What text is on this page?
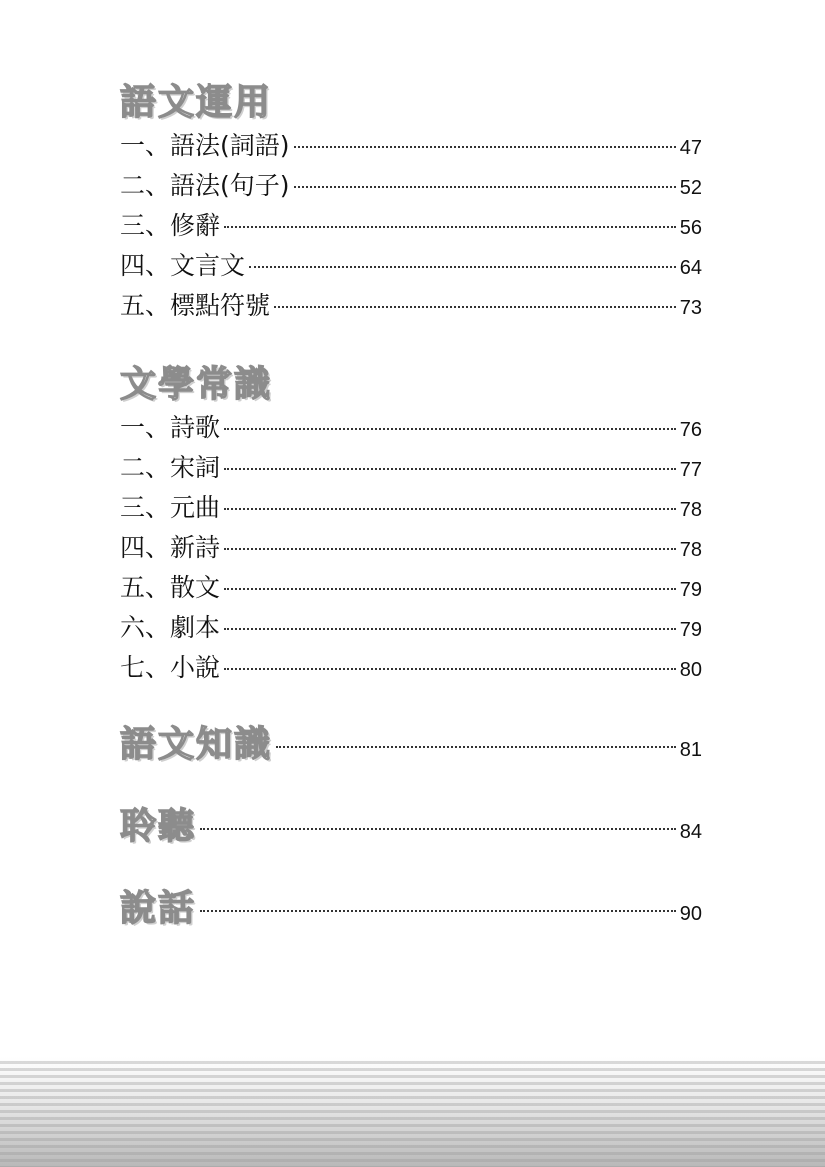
語文運用
一、語法(詞語)	47
二、語法(句子)	52
三、修辭	56
四、文言文	64
五、標點符號	73
文學常識
一、詩歌	76
二、宋詞	77
三、元曲	78
四、新詩	78
五、散文	79
六、劇本	79
七、小說	80
語文知識	81
聆聽	84
說話	90
